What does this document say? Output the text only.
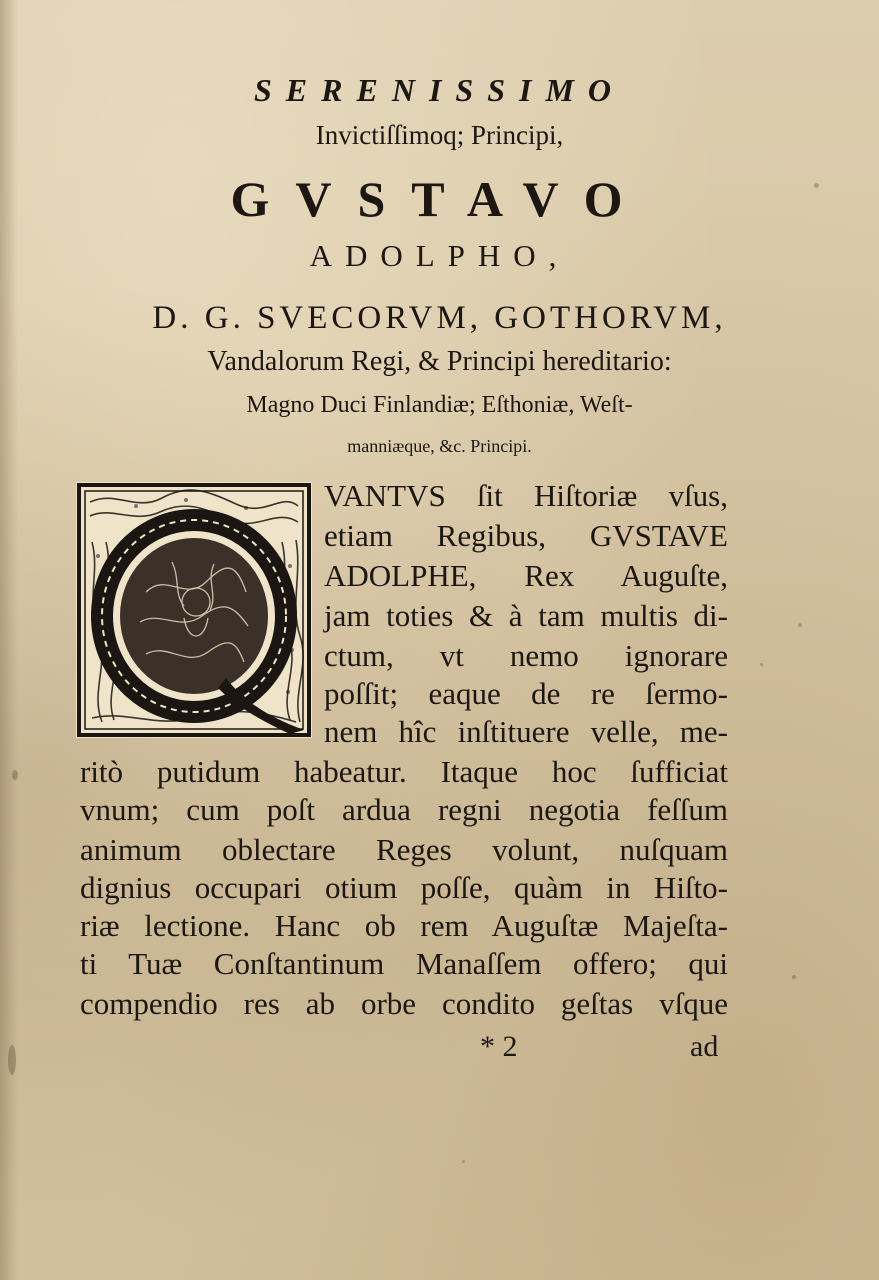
SERENISSIMO
Invictiſſimoq; Principi,
GVSTAVO
ADOLPHO,
D. G. SVECORVM, GOTHORVM,
Vandalorum Regi, & Principi hereditario:
Magno Duci Finlandiæ; Eſthoniæ, Weſt-
manniæque, &c. Principi.
VANTVS ſit Hiſtoriæ vſus,
etiam Regibus, GVSTAVE
ADOLPHE, Rex Auguſte,
jam toties & à tam multis di-
ctum, vt nemo ignorare
poſſit; eaque de re ſermo-
nem hîc inſtituere velle, me-
ritò putidum habeatur. Itaque hoc ſufficiat
vnum; cum poſt ardua regni negotia feſſum
animum oblectare Reges volunt, nuſquam
dignius occupari otium poſſe, quàm in Hiſto-
riæ lectione. Hanc ob rem Auguſtæ Majeſta-
ti Tuæ Conſtantinum Manaſſem offero; qui
compendio res ab orbe condito geſtas vſque
* 2	ad
